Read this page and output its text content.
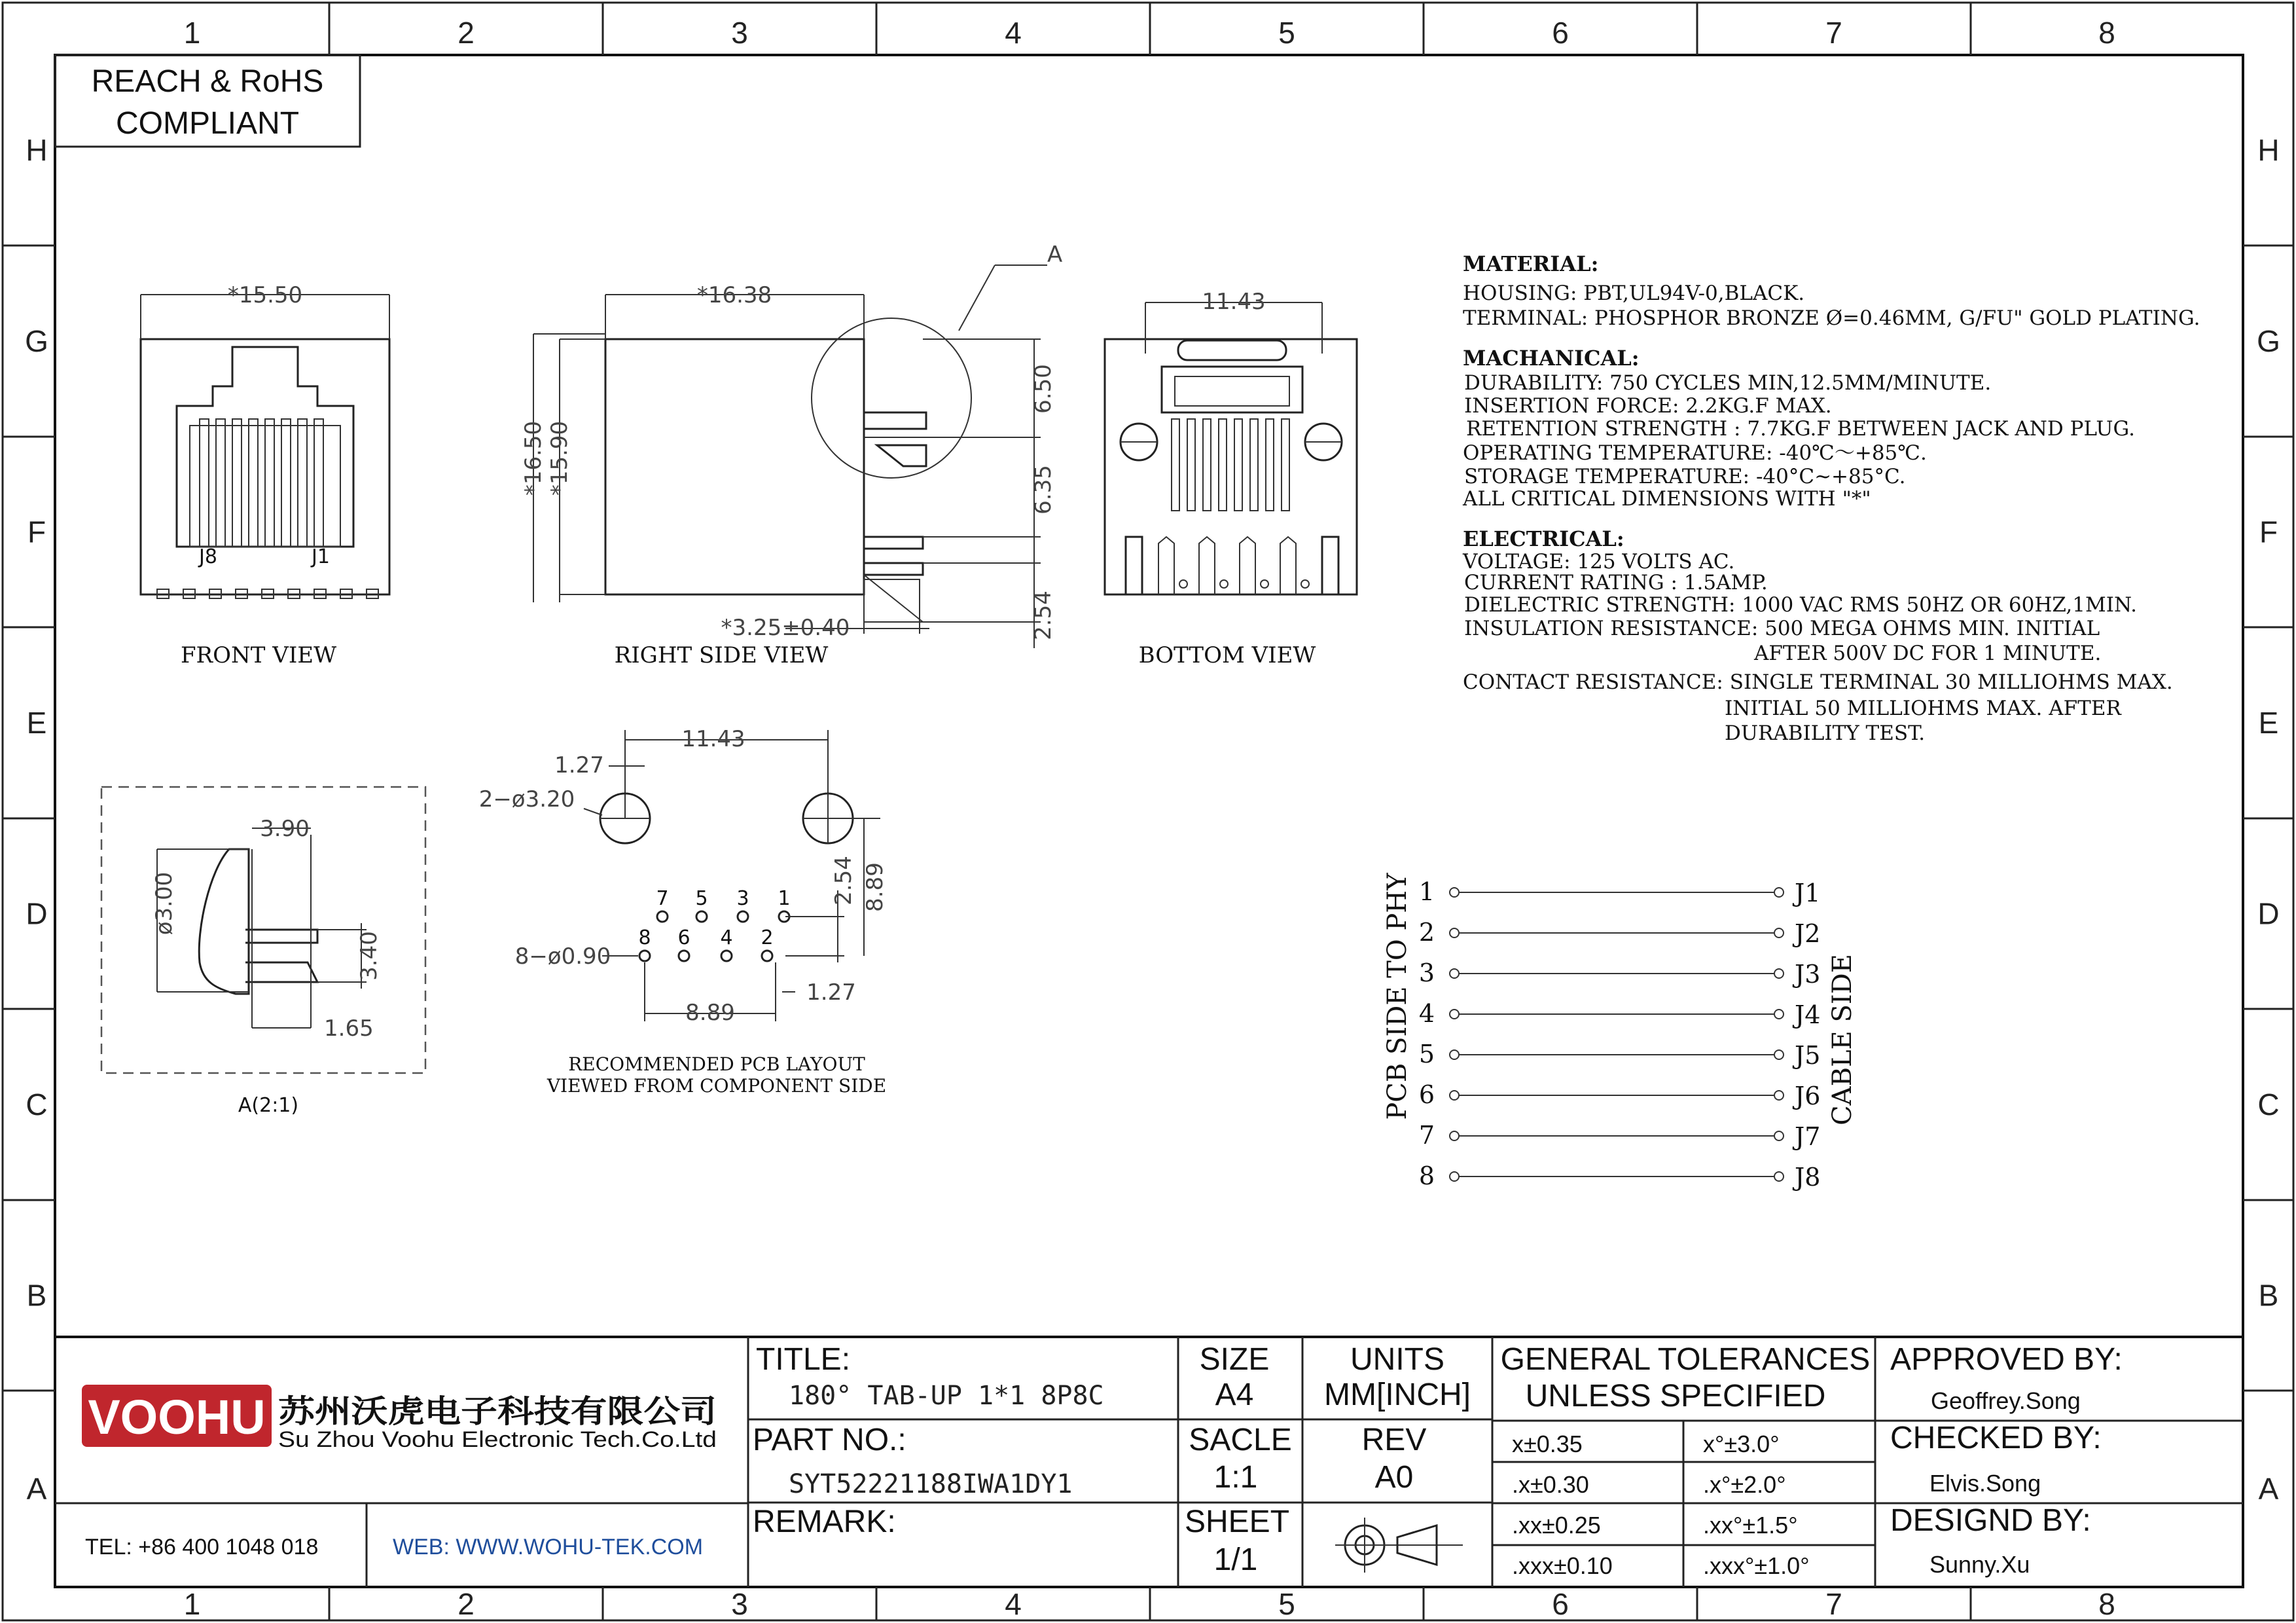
1
1
2
2
3
3
4
4
5
5
6
6
7
7
8
8
H	H
G	G
F	F
E	E
D	D
C	C
B	B
A	A
REACH & RoHS
COMPLIANT
*15.50
J8	J1
FRONT VIEW
*16.50 *15.90
*16.38
A
6.50
6.35
2.54
*3.25±0.40
RIGHT SIDE VIEW
11.43
BOTTOM VIEW
3.90
ø3.00
3.40
1.65
A(2:1)
11.43
1.27
2−ø3.20
7 5 3 1
8 6 4 2
2.54 8.89
8−ø0.90
8.89
1.27
RECOMMENDED PCB LAYOUT
VIEWED FROM COMPONENT SIDE
MATERIAL:
HOUSING: PBT,UL94V-0,BLACK.
TERMINAL: PHOSPHOR BRONZE Ø=0.46MM, G/FU" GOLD PLATING.
MACHANICAL:
DURABILITY: 750 CYCLES MIN,12.5MM/MINUTE.
INSERTION FORCE: 2.2KG.F MAX.
RETENTION STRENGTH : 7.7KG.F BETWEEN JACK AND PLUG.
OPERATING TEMPERATURE: -40℃～+85℃.
STORAGE TEMPERATURE: -40°C~+85°C.
ALL CRITICAL DIMENSIONS WITH "*"
ELECTRICAL:
VOLTAGE: 125 VOLTS AC.
CURRENT RATING : 1.5AMP.
DIELECTRIC STRENGTH: 1000 VAC RMS 50HZ OR 60HZ,1MIN.
INSULATION RESISTANCE: 500 MEGA OHMS MIN. INITIAL
AFTER 500V DC FOR 1 MINUTE.
CONTACT RESISTANCE: SINGLE TERMINAL 30 MILLIOHMS MAX.
INITIAL 50 MILLIOHMS MAX. AFTER
DURABILITY TEST.
1	J1
2	J2
3	J3
4	J4
5	J5
6	J6
7	J7
8	J8
PCB SIDE TO PHY	CABLE SIDE
VOOHU 苏州沃虎电子科技有限公司
Su Zhou Voohu Electronic Tech.Co.Ltd
TEL: +86 400 1048 018	WEB: WWW.WOHU-TEK.COM
TITLE:
180° TAB-UP 1*1 8P8C
PART NO.:
SYT52221188IWA1DY1
REMARK:
SIZE
A4
UNITS
MM[INCH]
SACLE
1:1
REV
A0
SHEET
1/1
GENERAL TOLERANCES
UNLESS SPECIFIED
x±0.35	x°±3.0°
.x±0.30	.x°±2.0°
.xx±0.25	.xx°±1.5°
.xxx±0.10	.xxx°±1.0°
APPROVED BY:
Geoffrey.Song
CHECKED BY:
Elvis.Song
DESIGND BY:
Sunny.Xu
